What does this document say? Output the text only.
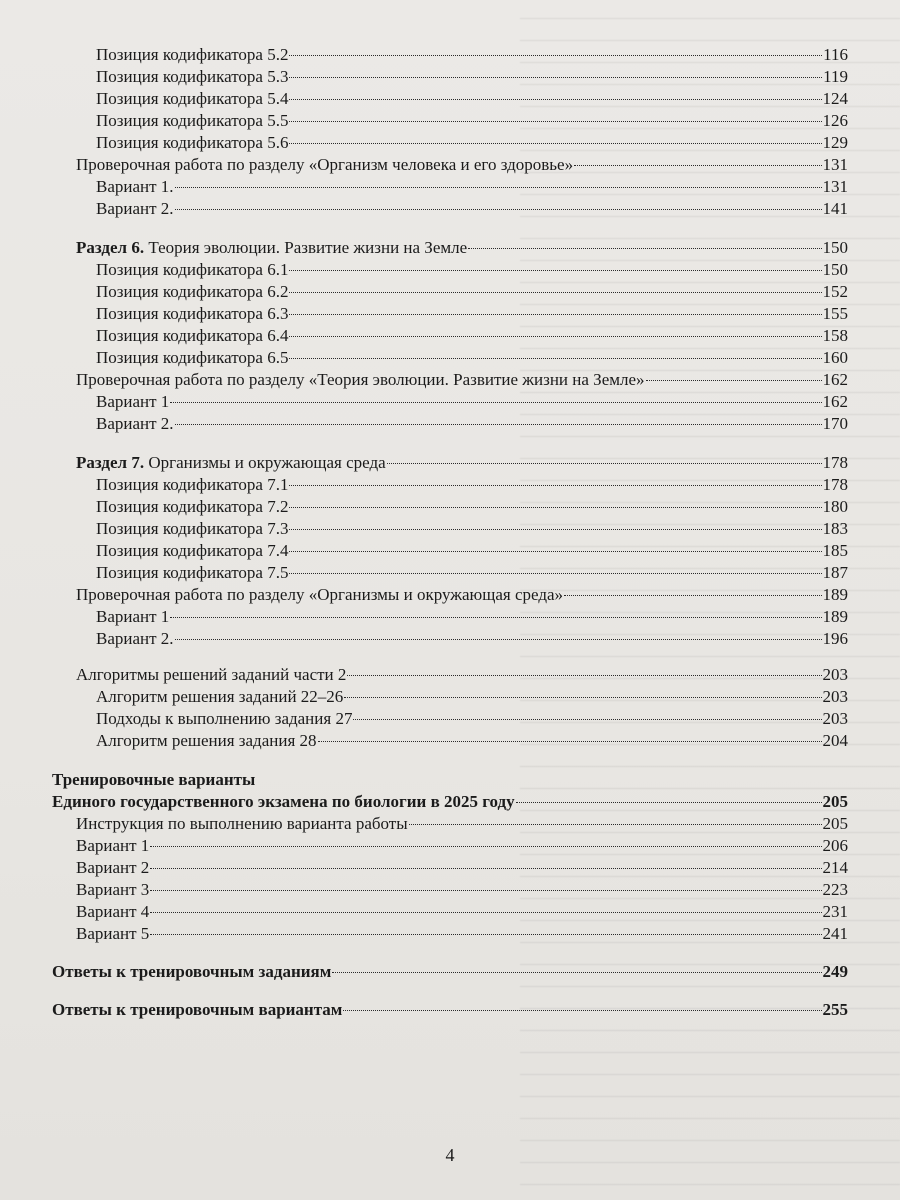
Позиция кодификатора 5.2	116
Позиция кодификатора 5.3	119
Позиция кодификатора 5.4	124
Позиция кодификатора 5.5	126
Позиция кодификатора 5.6	129
Проверочная работа по разделу «Организм человека и его здоровье»	131
Вариант 1.	131
Вариант 2.	141
Раздел 6. Теория эволюции. Развитие жизни на Земле	150
Позиция кодификатора 6.1	150
Позиция кодификатора 6.2	152
Позиция кодификатора 6.3	155
Позиция кодификатора 6.4	158
Позиция кодификатора 6.5	160
Проверочная работа по разделу «Теория эволюции. Развитие жизни на Земле»	162
Вариант 1	162
Вариант 2.	170
Раздел 7. Организмы и окружающая среда	178
Позиция кодификатора 7.1	178
Позиция кодификатора 7.2	180
Позиция кодификатора 7.3	183
Позиция кодификатора 7.4	185
Позиция кодификатора 7.5	187
Проверочная работа по разделу «Организмы и окружающая среда»	189
Вариант 1	189
Вариант 2.	196
Алгоритмы решений заданий части 2	203
Алгоритм решения заданий 22–26	203
Подходы к выполнению задания 27	203
Алгоритм решения задания 28	204
Тренировочные варианты
Единого государственного экзамена по биологии в 2025 году	205
Инструкция по выполнению варианта работы	205
Вариант 1	206
Вариант 2	214
Вариант 3	223
Вариант 4	231
Вариант 5	241
Ответы к тренировочным заданиям	249
Ответы к тренировочным вариантам	255
4
